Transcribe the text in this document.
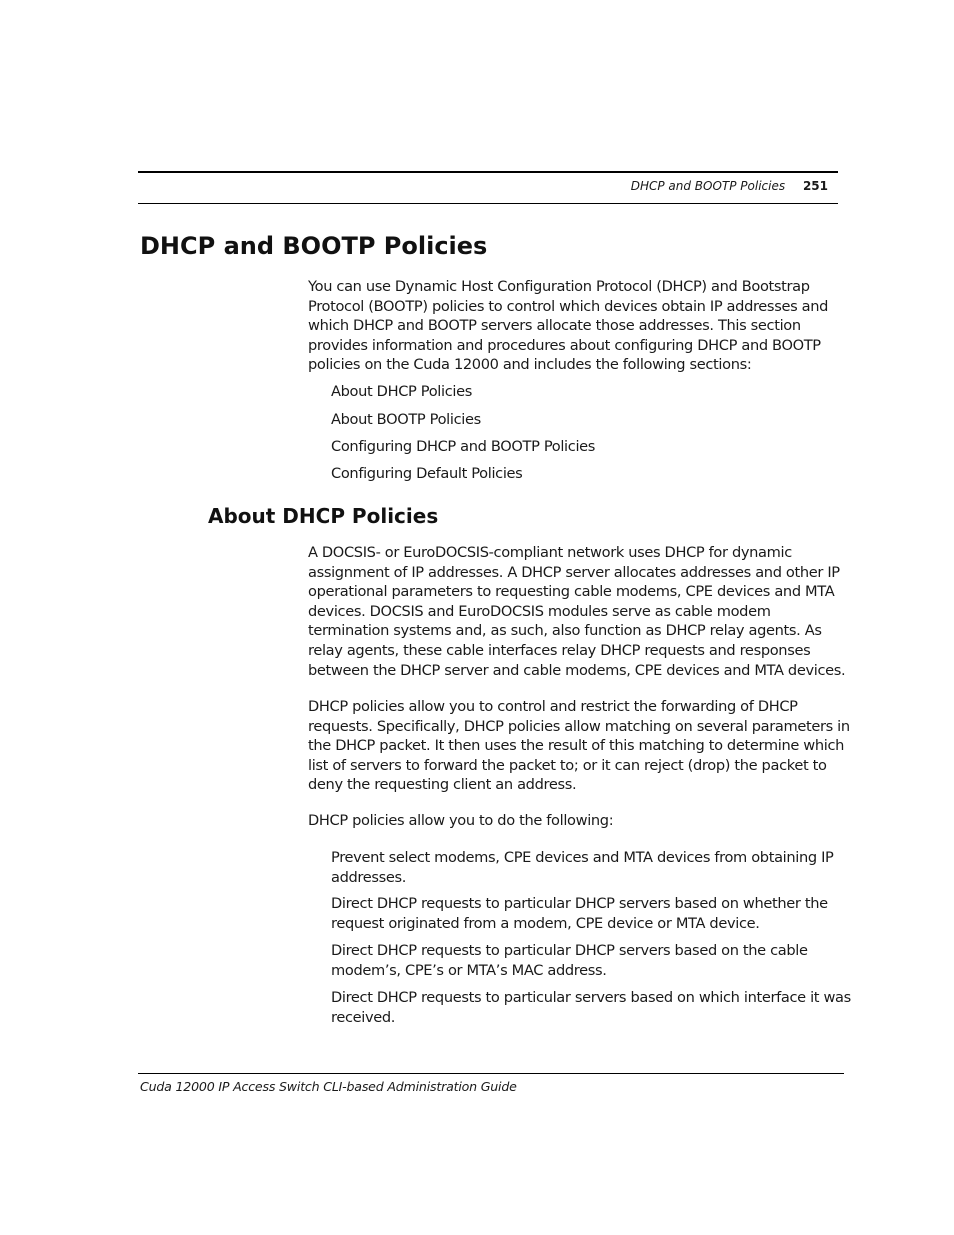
DHCP and BOOTP Policies 251
DHCP and BOOTP Policies

You can use Dynamic Host Configuration Protocol (DHCP) and Bootstrap
Protocol (BOOTP) policies to control which devices obtain IP addresses and
which DHCP and BOOTP servers allocate those addresses. This section
provides information and procedures about configuring DHCP and BOOTP
policies on the Cuda 12000 and includes the following sections:

About DHCP Policies

About BOOTP Policies

Configuring DHCP and BOOTP Policies

Configuring Default Policies

About DHCP Policies

A DOCSIS- or EuroDOCSIS-compliant network uses DHCP for dynamic
assignment of IP addresses. A DHCP server allocates addresses and other IP
operational parameters to requesting cable modems, CPE devices and MTA
devices. DOCSIS and EuroDOCSIS modules serve as cable modem
termination systems and, as such, also function as DHCP relay agents. As
relay agents, these cable interfaces relay DHCP requests and responses
between the DHCP server and cable modems, CPE devices and MTA devices.

DHCP policies allow you to control and restrict the forwarding of DHCP
requests. Specifically, DHCP policies allow matching on several parameters in
the DHCP packet. It then uses the result of this matching to determine which
list of servers to forward the packet to; or it can reject (drop) the packet to
deny the requesting client an address.

DHCP policies allow you to do the following:

Prevent select modems, CPE devices and MTA devices from obtaining IP
addresses.

Direct DHCP requests to particular DHCP servers based on whether the
request originated from a modem, CPE device or MTA device.

Direct DHCP requests to particular DHCP servers based on the cable
modem’s, CPE’s or MTA’s MAC address.

Direct DHCP requests to particular servers based on which interface it was
received.

Cuda 12000 IP Access Switch CLI-based Administration Guide
